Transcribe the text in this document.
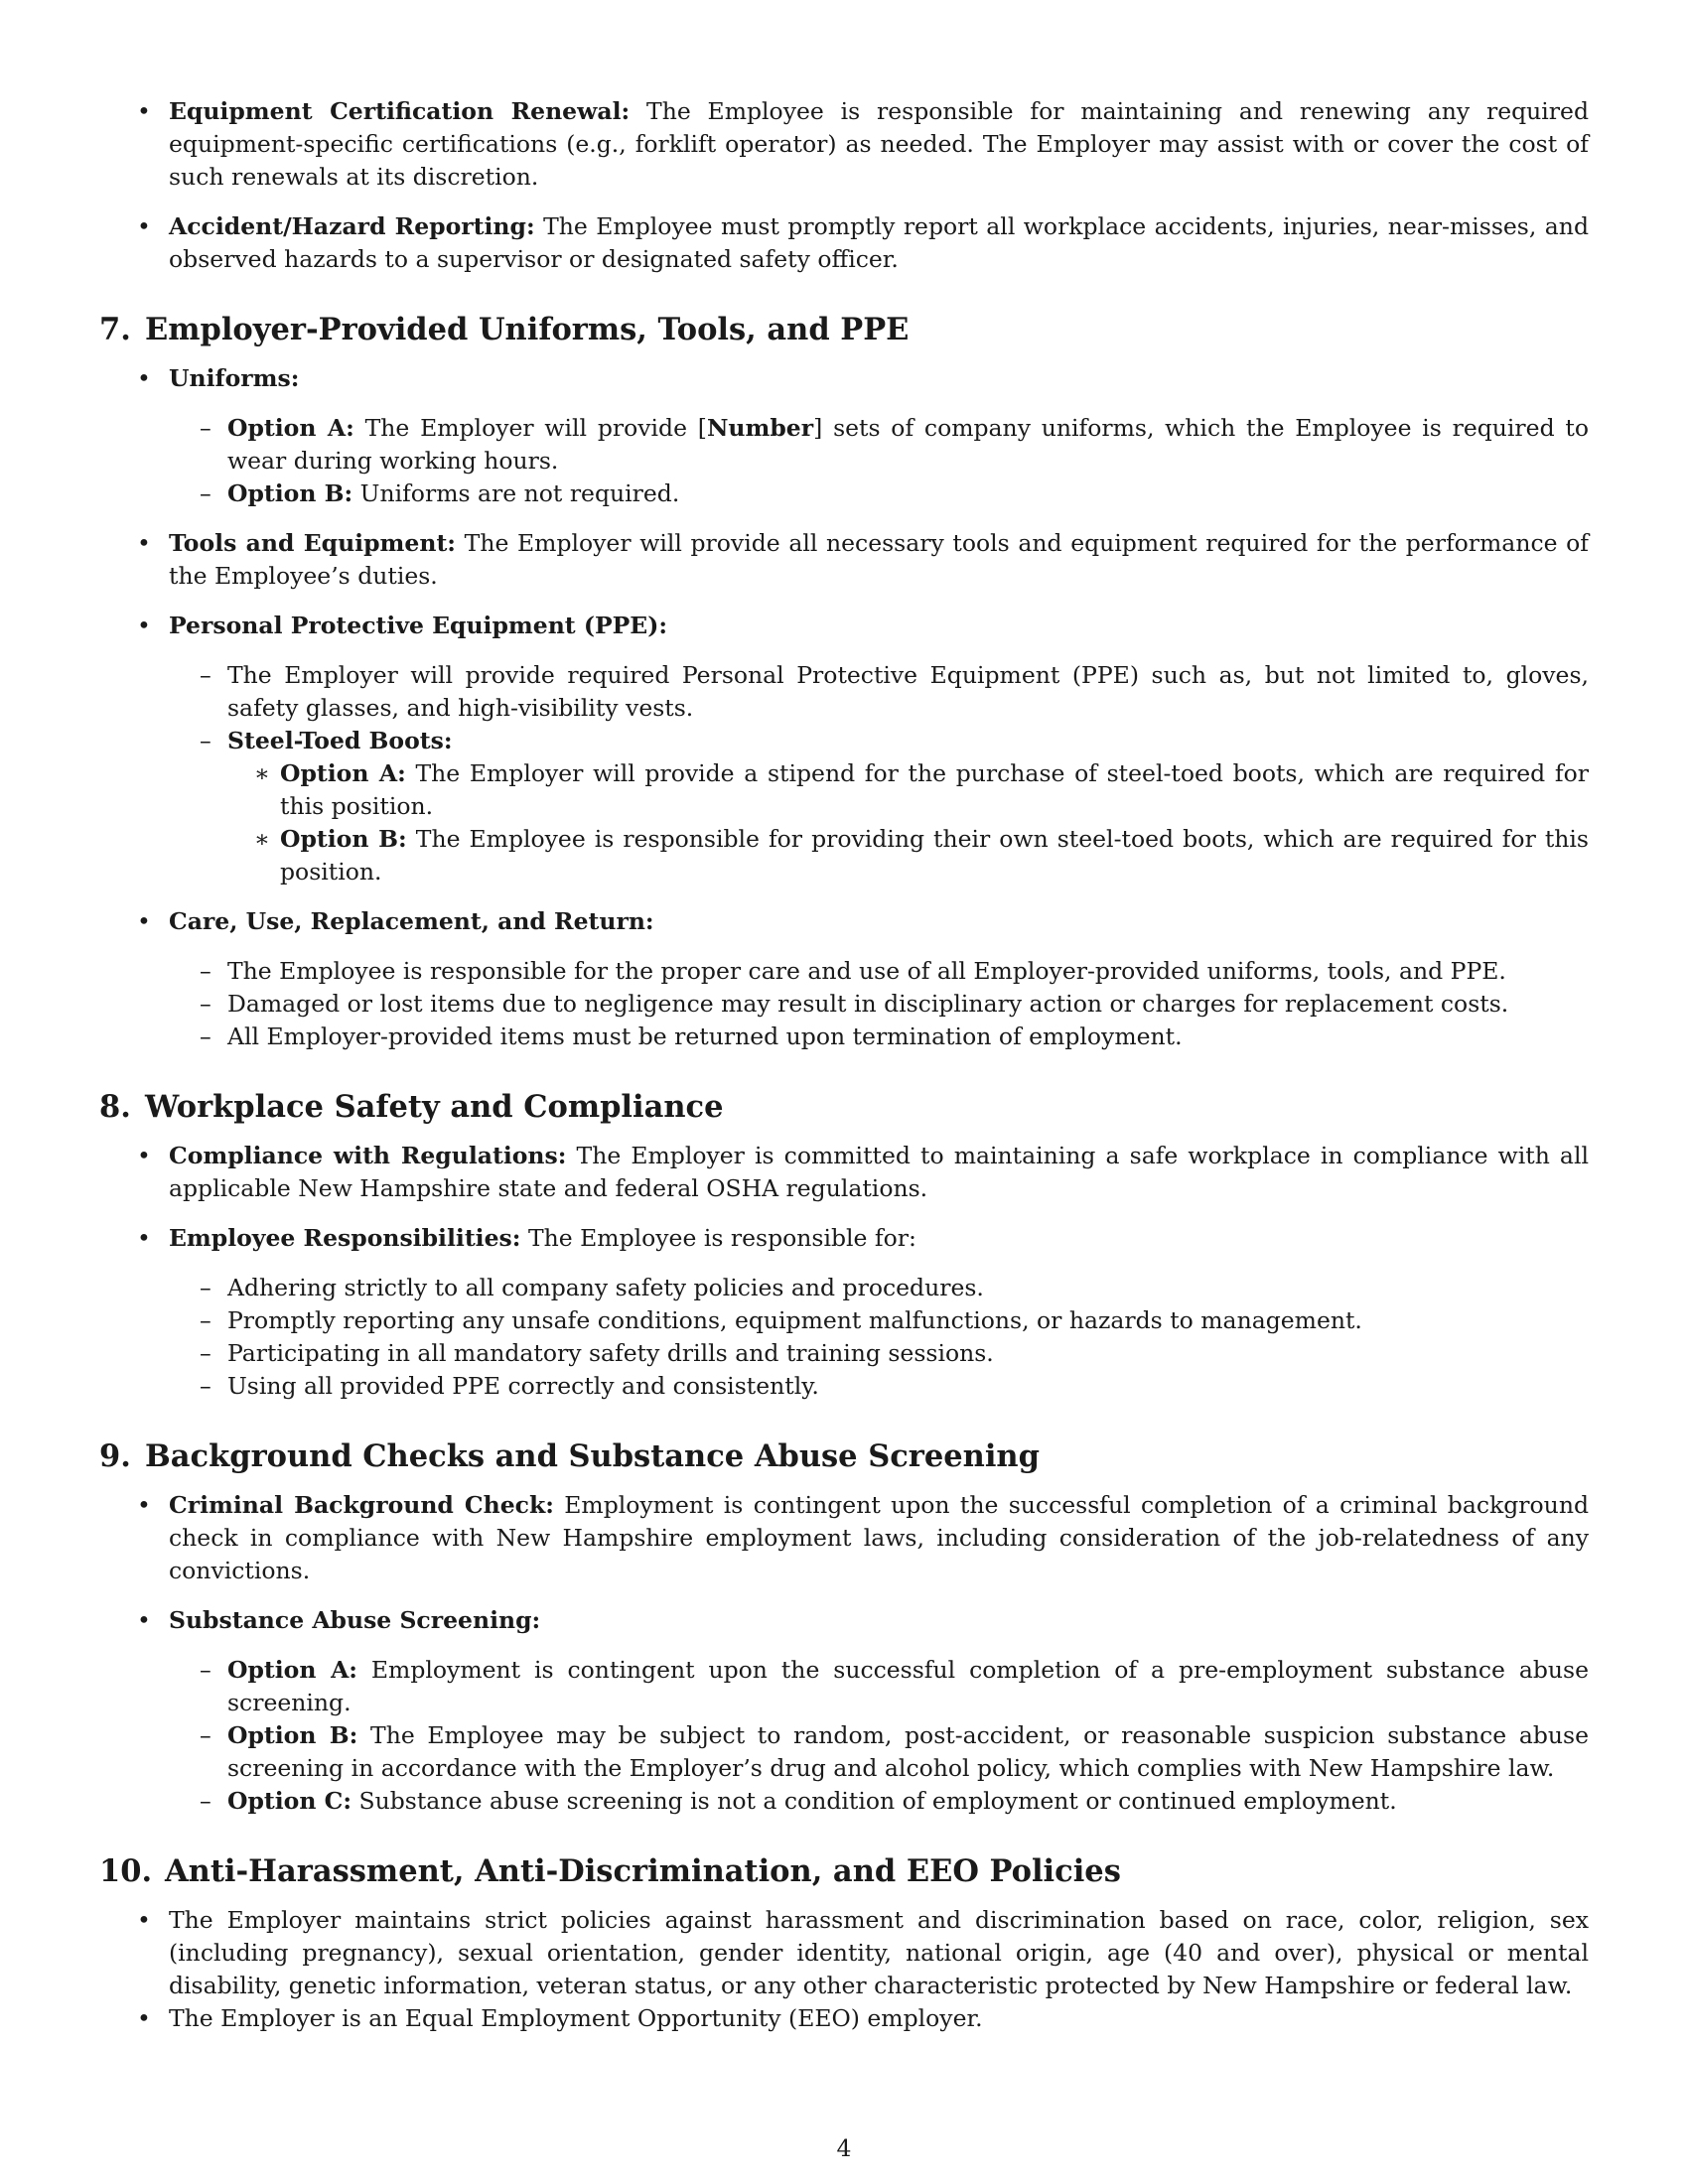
• Equipment Certification Renewal: The Employee is responsible for maintaining and renewing any required equipment-specific certifications (e.g., forklift operator) as needed. The Employer may assist with or cover the cost of such renewals at its discretion.
• Accident/Hazard Reporting: The Employee must promptly report all workplace accidents, injuries, near-misses, and observed hazards to a supervisor or designated safety officer.
7. Employer-Provided Uniforms, Tools, and PPE
• Uniforms:
– Option A: The Employer will provide [Number] sets of company uniforms, which the Employee is required to wear during working hours.
– Option B: Uniforms are not required.
• Tools and Equipment: The Employer will provide all necessary tools and equipment required for the performance of the Employee’s duties.
• Personal Protective Equipment (PPE):
– The Employer will provide required Personal Protective Equipment (PPE) such as, but not limited to, gloves, safety glasses, and high-visibility vests.
– Steel-Toed Boots:
∗ Option A: The Employer will provide a stipend for the purchase of steel-toed boots, which are required for this position.
∗ Option B: The Employee is responsible for providing their own steel-toed boots, which are required for this position.
• Care, Use, Replacement, and Return:
– The Employee is responsible for the proper care and use of all Employer-provided uniforms, tools, and PPE.
– Damaged or lost items due to negligence may result in disciplinary action or charges for replacement costs.
– All Employer-provided items must be returned upon termination of employment.
8. Workplace Safety and Compliance
• Compliance with Regulations: The Employer is committed to maintaining a safe workplace in compliance with all applicable New Hampshire state and federal OSHA regulations.
• Employee Responsibilities: The Employee is responsible for:
– Adhering strictly to all company safety policies and procedures.
– Promptly reporting any unsafe conditions, equipment malfunctions, or hazards to management.
– Participating in all mandatory safety drills and training sessions.
– Using all provided PPE correctly and consistently.
9. Background Checks and Substance Abuse Screening
• Criminal Background Check: Employment is contingent upon the successful completion of a criminal background check in compliance with New Hampshire employment laws, including consideration of the job-relatedness of any convictions.
• Substance Abuse Screening:
– Option A: Employment is contingent upon the successful completion of a pre-employment substance abuse screening.
– Option B: The Employee may be subject to random, post-accident, or reasonable suspicion substance abuse screening in accordance with the Employer’s drug and alcohol policy, which complies with New Hampshire law.
– Option C: Substance abuse screening is not a condition of employment or continued employment.
10. Anti-Harassment, Anti-Discrimination, and EEO Policies
• The Employer maintains strict policies against harassment and discrimination based on race, color, religion, sex (including pregnancy), sexual orientation, gender identity, national origin, age (40 and over), physical or mental disability, genetic information, veteran status, or any other characteristic protected by New Hampshire or federal law.
• The Employer is an Equal Employment Opportunity (EEO) employer.
4
